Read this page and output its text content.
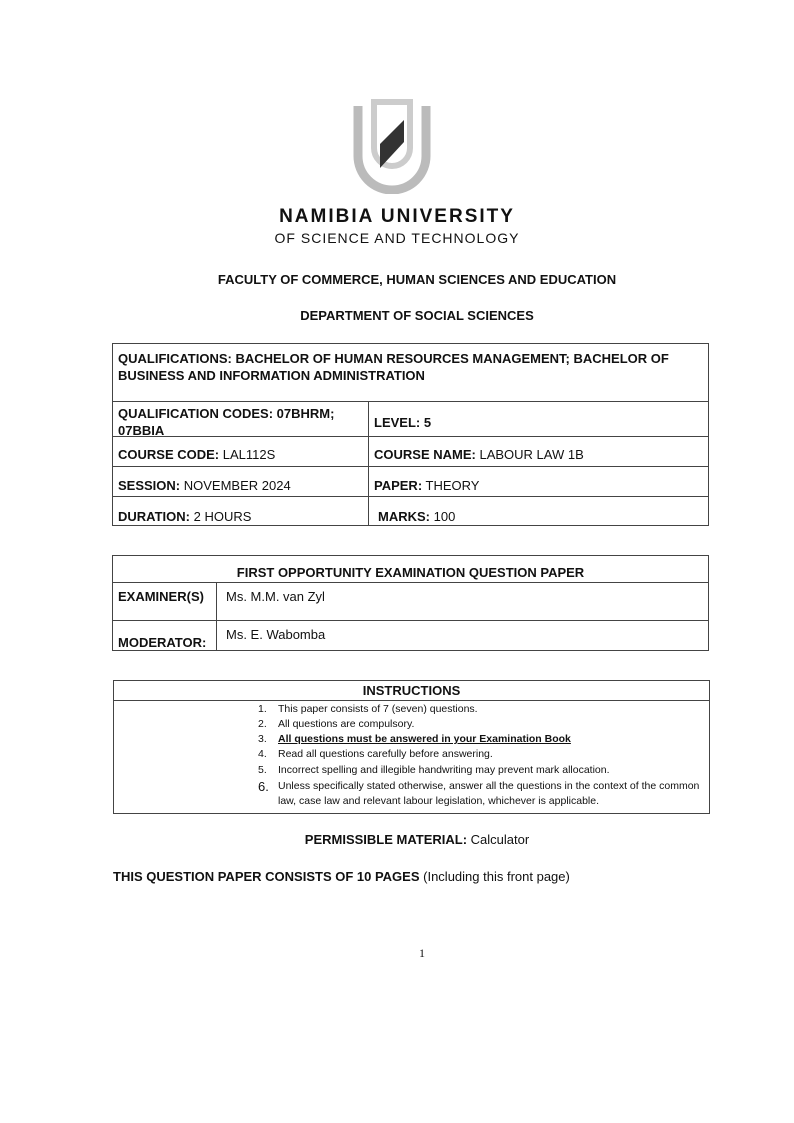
NAMIBIA UNIVERSITY
OF SCIENCE AND TECHNOLOGY
FACULTY OF COMMERCE, HUMAN SCIENCES AND EDUCATION
DEPARTMENT OF SOCIAL SCIENCES
QUALIFICATIONS: BACHELOR OF HUMAN RESOURCES MANAGEMENT; BACHELOR OF BUSINESS AND INFORMATION ADMINISTRATION
QUALIFICATION CODES: 07BHRM; 07BBIA
LEVEL: 5
COURSE CODE: LAL112S	COURSE NAME: LABOUR LAW 1B
SESSION: NOVEMBER 2024	PAPER: THEORY
DURATION: 2 HOURS	MARKS: 100
FIRST OPPORTUNITY EXAMINATION QUESTION PAPER
EXAMINER(S)	Ms. M.M. van Zyl
MODERATOR:
Ms. E. Wabomba
INSTRUCTIONS
1. This paper consists of 7 (seven) questions.
2. All questions are compulsory.
3. All questions must be answered in your Examination Book
4. Read all questions carefully before answering.
5. Incorrect spelling and illegible handwriting may prevent mark allocation.
6. Unless specifically stated otherwise, answer all the questions in the context of the common law, case law and relevant labour legislation, whichever is applicable.
PERMISSIBLE MATERIAL: Calculator
THIS QUESTION PAPER CONSISTS OF 10 PAGES (Including this front page)
1
